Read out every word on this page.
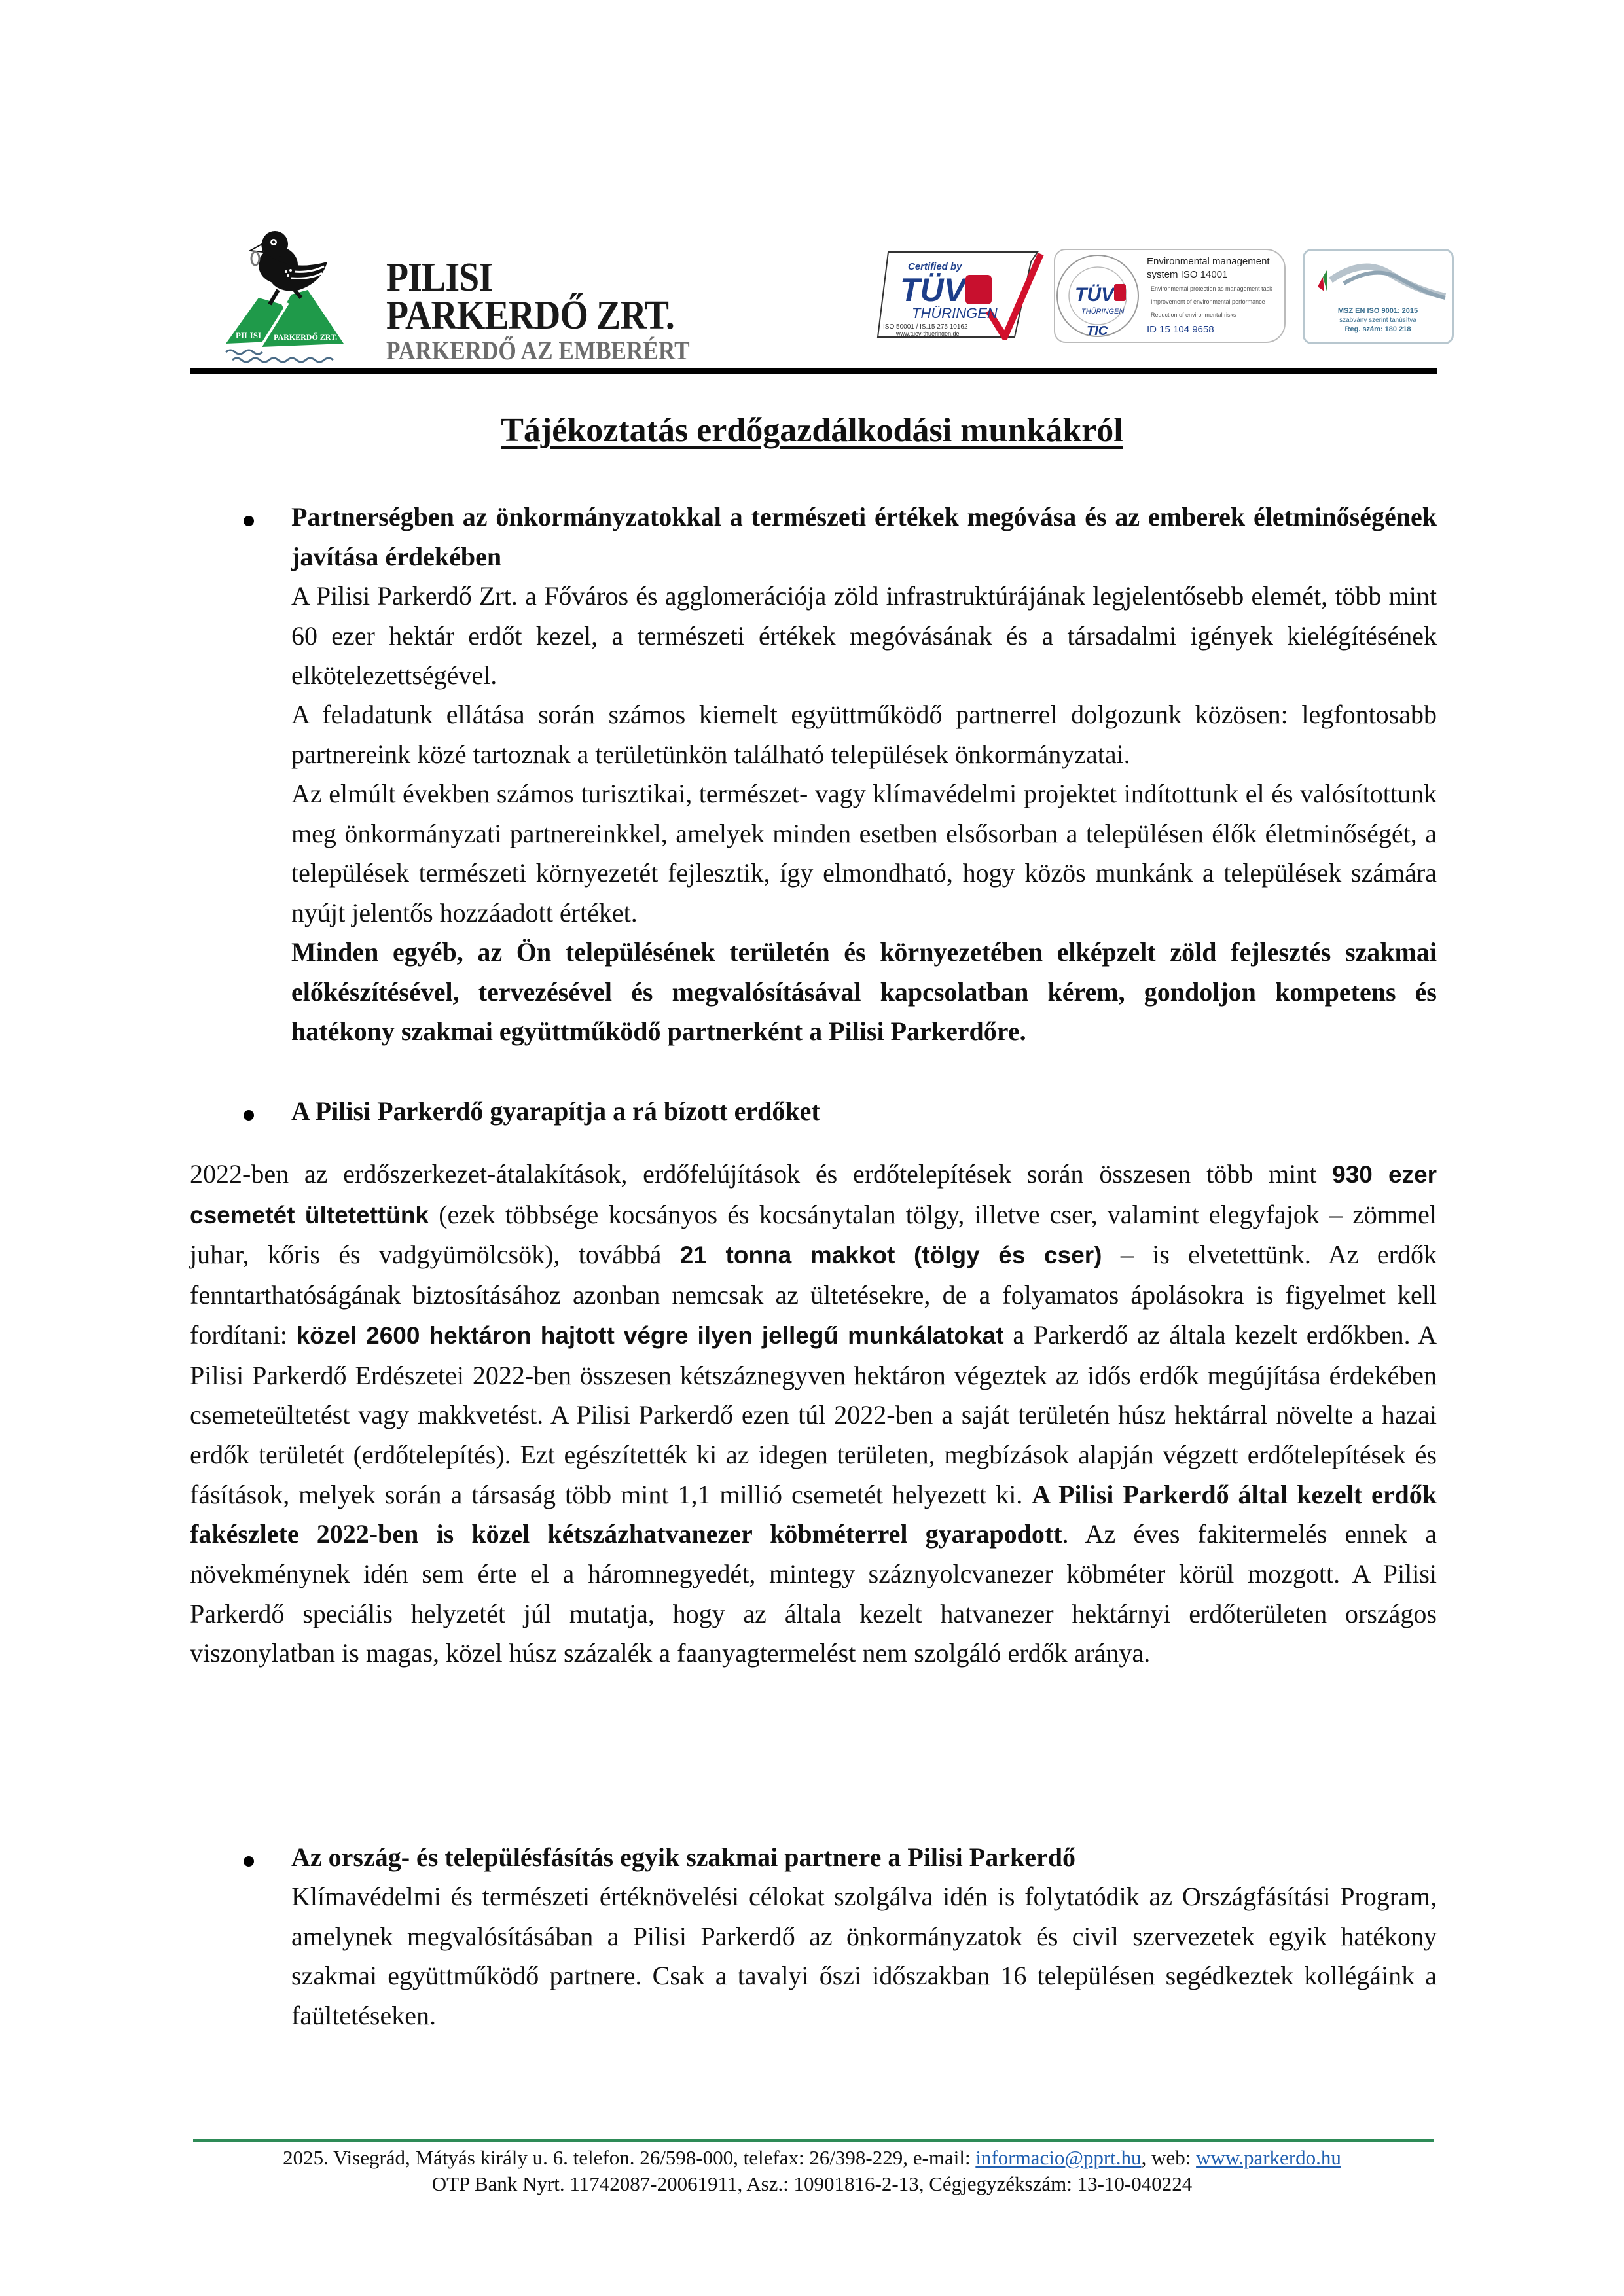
PILISI PARKERDŐ ZRT.
PILISI
PARKERDŐ ZRT.
PARKERDŐ AZ EMBERÉRT
Certified by
TÜV
THÜRINGEN
ISO 50001 / IS.15 275 10162
www.tuev-thueringen.de
TÜV
THÜRINGEN
TIC
Environmental management
system ISO 14001
Environmental protection as management task
Improvement of environmental performance
Reduction of environmental risks
ID 15 104 9658
MSZ EN ISO 9001: 2015
szabvány szerint tanúsítva
Reg. szám: 180 218
Tájékoztatás erdőgazdálkodási munkákról
Partnerségben az önkormányzatokkal a természeti értékek megóvása és az emberek életminőségének javítása érdekében
A Pilisi Parkerdő Zrt. a Főváros és agglomerációja zöld infrastruktúrájának legjelentősebb elemét, több mint 60 ezer hektár erdőt kezel, a természeti értékek megóvásának és a társadalmi igények kielégítésének elkötelezettségével.
A feladatunk ellátása során számos kiemelt együttműködő partnerrel dolgozunk közösen: legfontosabb partnereink közé tartoznak a területünkön található települések önkormányzatai.
Az elmúlt években számos turisztikai, természet- vagy klímavédelmi projektet indítottunk el és valósítottunk meg önkormányzati partnereinkkel, amelyek minden esetben elsősorban a településen élők életminőségét, a települések természeti környezetét fejlesztik, így elmondható, hogy közös munkánk a települések számára nyújt jelentős hozzáadott értéket.
Minden egyéb, az Ön településének területén és környezetében elképzelt zöld fejlesztés szakmai előkészítésével, tervezésével és megvalósításával kapcsolatban kérem, gondoljon kompetens és hatékony szakmai együttműködő partnerként a Pilisi Parkerdőre.
A Pilisi Parkerdő gyarapítja a rá bízott erdőket
2022-ben az erdőszerkezet-átalakítások, erdőfelújítások és erdőtelepítések során összesen több mint 930 ezer csemetét ültetettünk (ezek többsége kocsányos és kocsánytalan tölgy, illetve cser, valamint elegyfajok – zömmel juhar, kőris és vadgyümölcsök), továbbá 21 tonna makkot (tölgy és cser) – is elvetettünk. Az erdők fenntarthatóságának biztosításához azonban nemcsak az ültetésekre, de a folyamatos ápolásokra is figyelmet kell fordítani: közel 2600 hektáron hajtott végre ilyen jellegű munkálatokat a Parkerdő az általa kezelt erdőkben. A Pilisi Parkerdő Erdészetei 2022-ben összesen kétszáznegyven hektáron végeztek az idős erdők megújítása érdekében csemeteültetést vagy makkvetést. A Pilisi Parkerdő ezen túl 2022-ben a saját területén húsz hektárral növelte a hazai erdők területét (erdőtelepítés). Ezt egészítették ki az idegen területen, megbízások alapján végzett erdőtelepítések és fásítások, melyek során a társaság több mint 1,1 millió csemetét helyezett ki. A Pilisi Parkerdő által kezelt erdők fakészlete 2022-ben is közel kétszázhatvanezer köbméterrel gyarapodott. Az éves fakitermelés ennek a növekménynek idén sem érte el a háromnegyedét, mintegy száznyolcvanezer köbméter körül mozgott. A Pilisi Parkerdő speciális helyzetét júl mutatja, hogy az általa kezelt hatvanezer hektárnyi erdőterületen országos viszonylatban is magas, közel húsz százalék a faanyagtermelést nem szolgáló erdők aránya.
Az ország- és településfásítás egyik szakmai partnere a Pilisi Parkerdő
Klímavédelmi és természeti értéknövelési célokat szolgálva idén is folytatódik az Országfásítási Program, amelynek megvalósításában a Pilisi Parkerdő az önkormányzatok és civil szervezetek egyik hatékony szakmai együttműködő partnere. Csak a tavalyi őszi időszakban 16 településen segédkeztek kollégáink a faültetéseken.
2025. Visegrád, Mátyás király u. 6. telefon. 26/598-000, telefax: 26/398-229, e-mail: informacio@pprt.hu, web: www.parkerdo.hu
OTP Bank Nyrt. 11742087-20061911, Asz.: 10901816-2-13, Cégjegyzékszám: 13-10-040224
